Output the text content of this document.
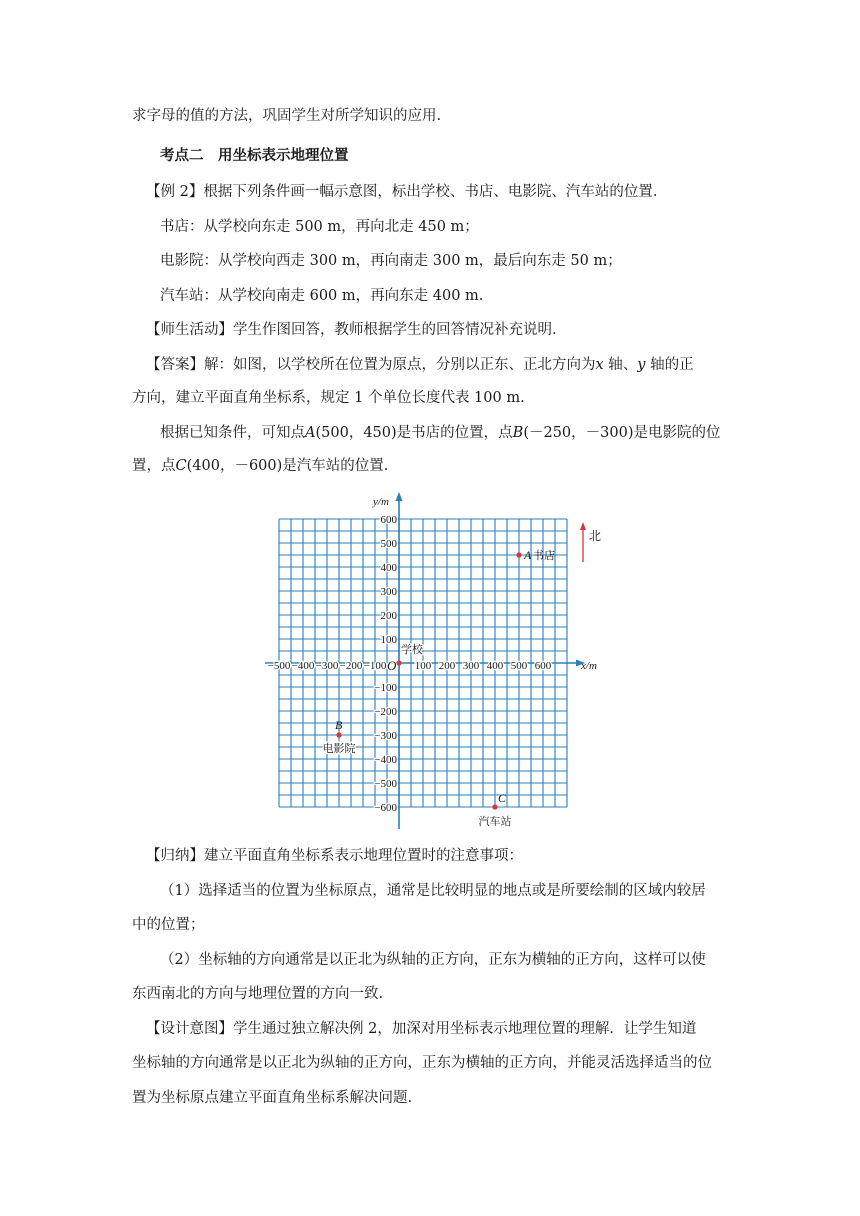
求字母的值的方法，巩固学生对所学知识的应用.
考点二　用坐标表示地理位置
【例 2】根据下列条件画一幅示意图，标出学校、书店、电影院、汽车站的位置.
书店：从学校向东走 500 m，再向北走 450 m；
电影院：从学校向西走 300 m，再向南走 300 m，最后向东走 50 m；
汽车站：从学校向南走 600 m，再向东走 400 m.
【师生活动】学生作图回答，教师根据学生的回答情况补充说明.
【答案】解：如图，以学校所在位置为原点，分别以正东、正北方向为x 轴、y 轴的正
方向，建立平面直角坐标系，规定 1 个单位长度代表 100 m.
根据已知条件，可知点A(500，450)是书店的位置，点B(－250，－300)是电影院的位
x/m
y/m
−500 −400 −300 −200 −100	100 200 300 400 500 600
600
500
400
300
200
100
−100
−200
−300
−400
−500
−600
O
学校
北
A 书店
B
电影院
C
汽车站
【归纳】建立平面直角坐标系表示地理位置时的注意事项：
（1）选择适当的位置为坐标原点，通常是比较明显的地点或是所要绘制的区域内较居
中的位置；
（2）坐标轴的方向通常是以正北为纵轴的正方向，正东为横轴的正方向，这样可以使
东西南北的方向与地理位置的方向一致.
【设计意图】学生通过独立解决例 2，加深对用坐标表示地理位置的理解．让学生知道
坐标轴的方向通常是以正北为纵轴的正方向，正东为横轴的正方向，并能灵活选择适当的位
置为坐标原点建立平面直角坐标系解决问题.
置，点C(400，－600)是汽车站的位置.
